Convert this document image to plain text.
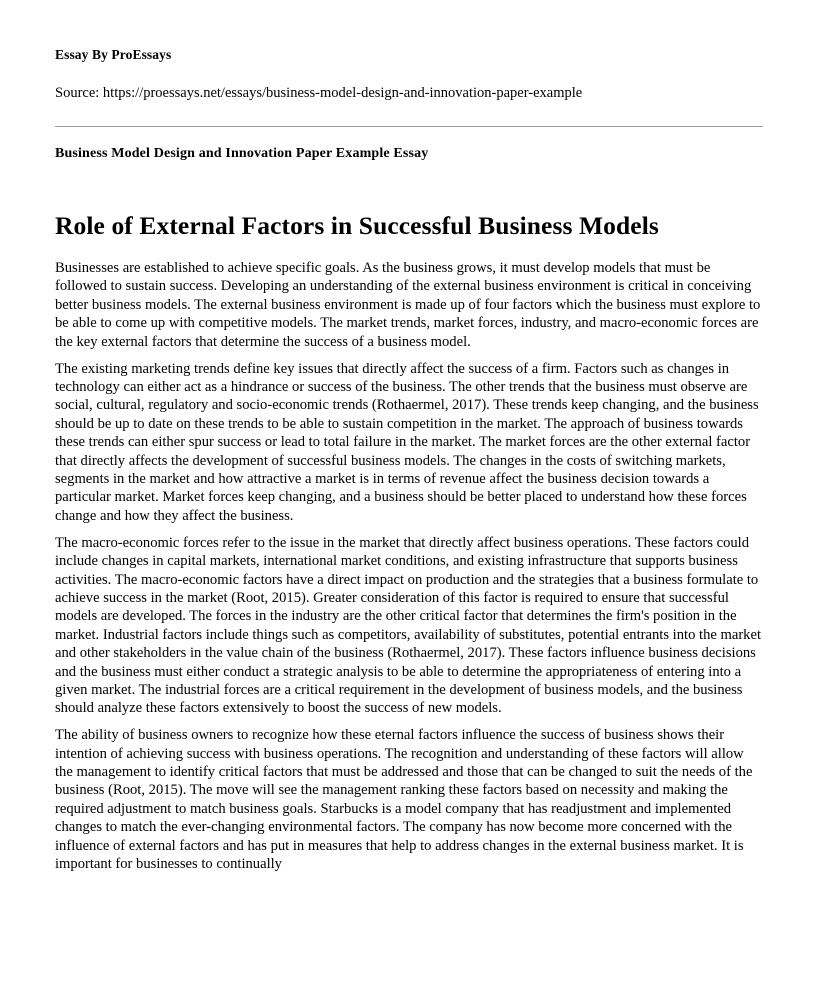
Essay By ProEssays
Source: https://proessays.net/essays/business-model-design-and-innovation-paper-example
Business Model Design and Innovation Paper Example Essay
Role of External Factors in Successful Business Models

Businesses are established to achieve specific goals. As the business grows, it must develop models that must be followed to sustain success. Developing an understanding of the external business environment is critical in conceiving better business models. The external business environment is made up of four factors which the business must explore to be able to come up with competitive models. The market trends, market forces, industry, and macro-economic forces are the key external factors that determine the success of a business model.

The existing marketing trends define key issues that directly affect the success of a firm. Factors such as changes in technology can either act as a hindrance or success of the business. The other trends that the business must observe are social, cultural, regulatory and socio-economic trends (Rothaermel, 2017). These trends keep changing, and the business should be up to date on these trends to be able to sustain competition in the market. The approach of business towards these trends can either spur success or lead to total failure in the market. The market forces are the other external factor that directly affects the development of successful business models. The changes in the costs of switching markets, segments in the market and how attractive a market is in terms of revenue affect the business decision towards a particular market. Market forces keep changing, and a business should be better placed to understand how these forces change and how they affect the business.

The macro-economic forces refer to the issue in the market that directly affect business operations. These factors could include changes in capital markets, international market conditions, and existing infrastructure that supports business activities. The macro-economic factors have a direct impact on production and the strategies that a business formulate to achieve success in the market (Root, 2015). Greater consideration of this factor is required to ensure that successful models are developed. The forces in the industry are the other critical factor that determines the firm's position in the market. Industrial factors include things such as competitors, availability of substitutes, potential entrants into the market and other stakeholders in the value chain of the business (Rothaermel, 2017). These factors influence business decisions and the business must either conduct a strategic analysis to be able to determine the appropriateness of entering into a given market. The industrial forces are a critical requirement in the development of business models, and the business should analyze these factors extensively to boost the success of new models.

The ability of business owners to recognize how these eternal factors influence the success of business shows their intention of achieving success with business operations. The recognition and understanding of these factors will allow the management to identify critical factors that must be addressed and those that can be changed to suit the needs of the business (Root, 2015). The move will see the management ranking these factors based on necessity and making the required adjustment to match business goals. Starbucks is a model company that has readjustment and implemented changes to match the ever-changing environmental factors. The company has now become more concerned with the influence of external factors and has put in measures that help to address changes in the external business market. It is important for businesses to continually
